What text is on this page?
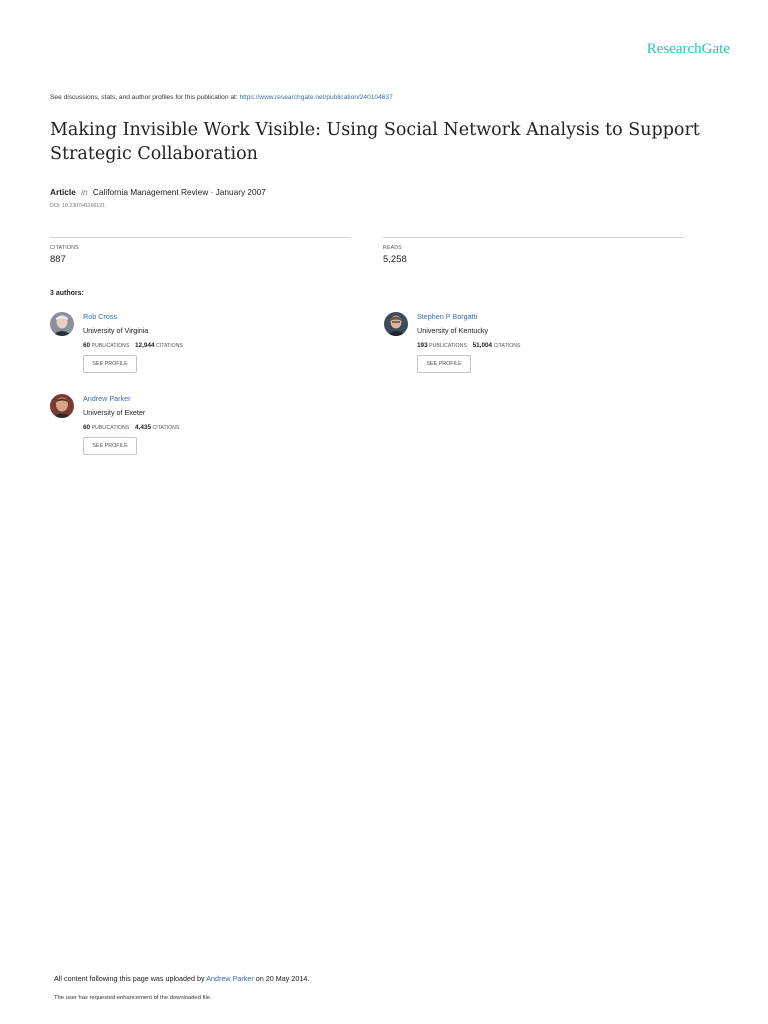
ResearchGate
See discussions, stats, and author profiles for this publication at: https://www.researchgate.net/publication/240104637
Making Invisible Work Visible: Using Social Network Analysis to Support Strategic Collaboration
Article in California Management Review · January 2007
DOI: 10.2307/41166121
CITATIONS
887
READS
5,258
3 authors:
Rob Cross
University of Virginia
60 PUBLICATIONS 12,944 CITATIONS
SEE PROFILE
Stephen P Borgatti
University of Kentucky
193 PUBLICATIONS 51,004 CITATIONS
SEE PROFILE
Andrew Parker
University of Exeter
60 PUBLICATIONS 4,435 CITATIONS
SEE PROFILE
All content following this page was uploaded by Andrew Parker on 20 May 2014.
The user has requested enhancement of the downloaded file.
